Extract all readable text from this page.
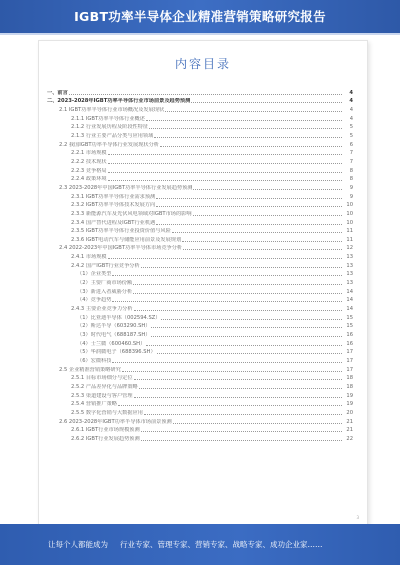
IGBT功率半导体企业精准营销策略研究报告
内容目录
一、前言	4
二、2023-2028年IGBT功率半导体行业市场前景及趋势预测	4
2.1 IGBT功率半导体行业市场概况及发展现状	4
2.1.1 IGBT功率半导体行业概述	4
2.1.2 行业发展历程及阶段性特征	5
2.1.3 行业主要产品分类与应用领域	5
2.2 我国IGBT功率半导体行业发展现状分析	6
2.2.1 市场规模	7
2.2.2 技术现状	7
2.2.3 竞争格局	8
2.2.4 政策环境	8
2.3 2023-2028年中国IGBT功率半导体行业发展趋势预测	9
2.3.1 IGBT功率半导体行业需求预测	9
2.3.2 IGBT功率半导体技术发展方向	10
2.3.3 新能源汽车及光伏风电领域对IGBT市场的影响	10
2.3.4 国产替代进程及IGBT行业机遇	10
2.3.5 IGBT功率半导体行业投资价值与风险	11
2.3.6 IGBT电动汽车与储能应用前景及发展规划	11
2.4 2022-2023年中国IGBT功率半导体市场竞争分析	12
2.4.1 市场规模	13
2.4.2 国产IGBT行业竞争分析	13
（1）企业类型	13
（2）主要厂商市场份额	13
（3）新进入者威胁分析	14
（4）竞争趋势	14
2.4.3 主要企业竞争力分析	14
（1）比亚迪半导体（002594.SZ）	15
（2）斯达半导（603290.SH）	15
（3）时代电气（688187.SH）	16
（4）士兰微（600460.SH）	16
（5）华润微电子（688396.SH）	17
（6）宏微科技	17
2.5 企业精准营销策略研究	17
2.5.1 目标市场细分与定位	18
2.5.2 产品差异化与品牌策略	18
2.5.3 渠道建设与客户管理	19
2.5.4 营销推广策略	19
2.5.5 数字化营销与大数据应用	20
2.6 2023-2028年IGBT功率半导体市场前景预测	21
2.6.1 IGBT行业市场规模预测	21
2.6.2 IGBT行业发展趋势预测	22
3
让每个人都能成为 行业专家、管理专家、营销专家、战略专家、成功企业家……
